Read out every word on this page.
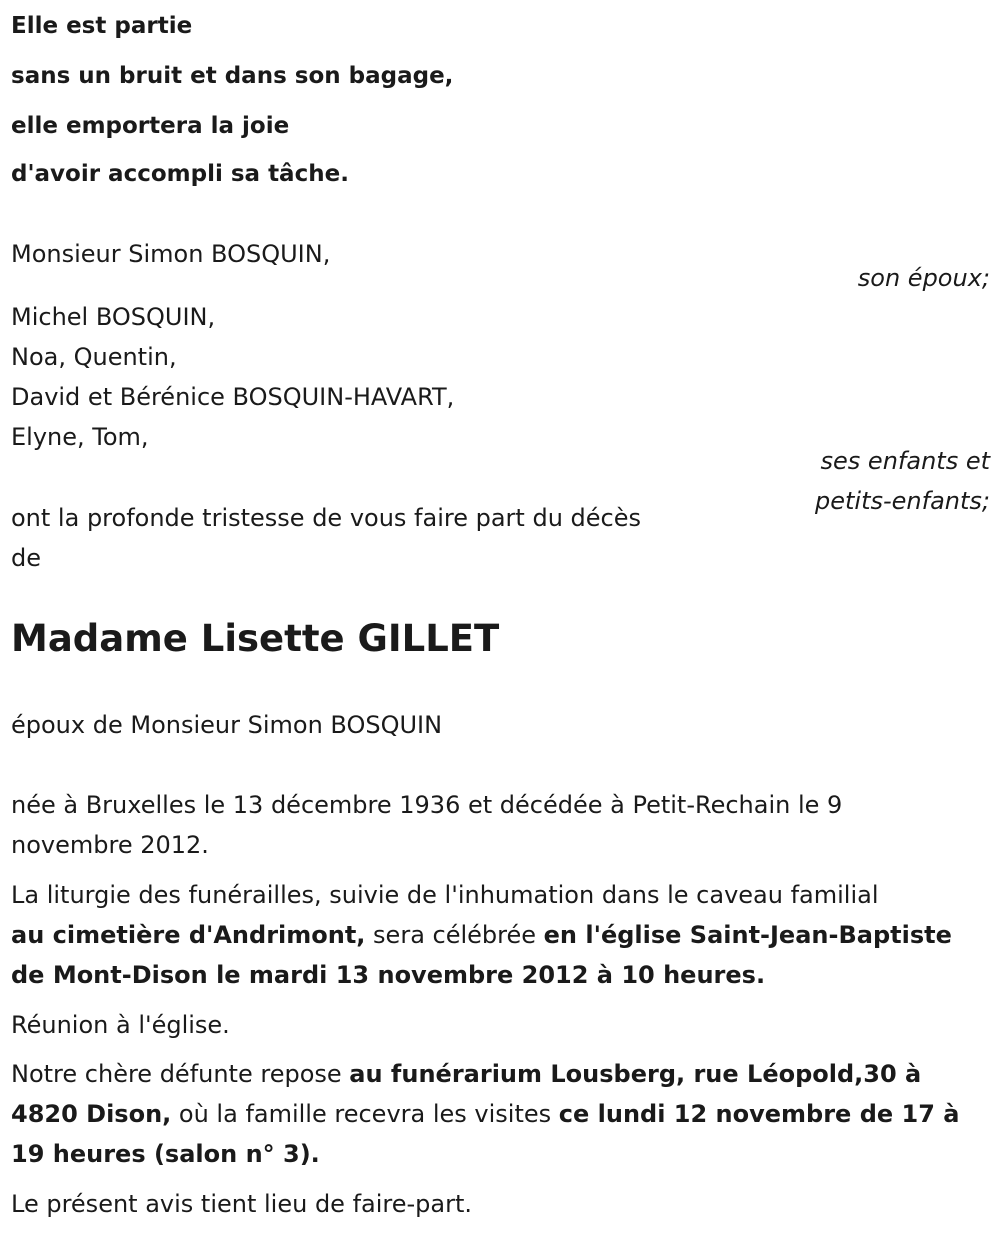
Elle est partie
sans un bruit et dans son bagage,
elle emportera la joie
d'avoir accompli sa tâche.
Monsieur Simon BOSQUIN,
son époux;
Michel BOSQUIN,
Noa, Quentin,
David et Bérénice BOSQUIN-HAVART,
Elyne, Tom,
ses enfants et
petits-enfants;
ont la profonde tristesse de vous faire part du décès
de
Madame Lisette GILLET
époux de Monsieur Simon BOSQUIN
née à Bruxelles le 13 décembre 1936 et décédée à Petit-Rechain le 9
novembre 2012.
La liturgie des funérailles, suivie de l'inhumation dans le caveau familial
au cimetière d'Andrimont, sera célébrée en l'église Saint-Jean-Baptiste
de Mont-Dison le mardi 13 novembre 2012 à 10 heures.
Réunion à l'église.
Notre chère défunte repose au funérarium Lousberg, rue Léopold,30 à
4820 Dison, où la famille recevra les visites ce lundi 12 novembre de 17 à
19 heures (salon n° 3).
Le présent avis tient lieu de faire-part.
